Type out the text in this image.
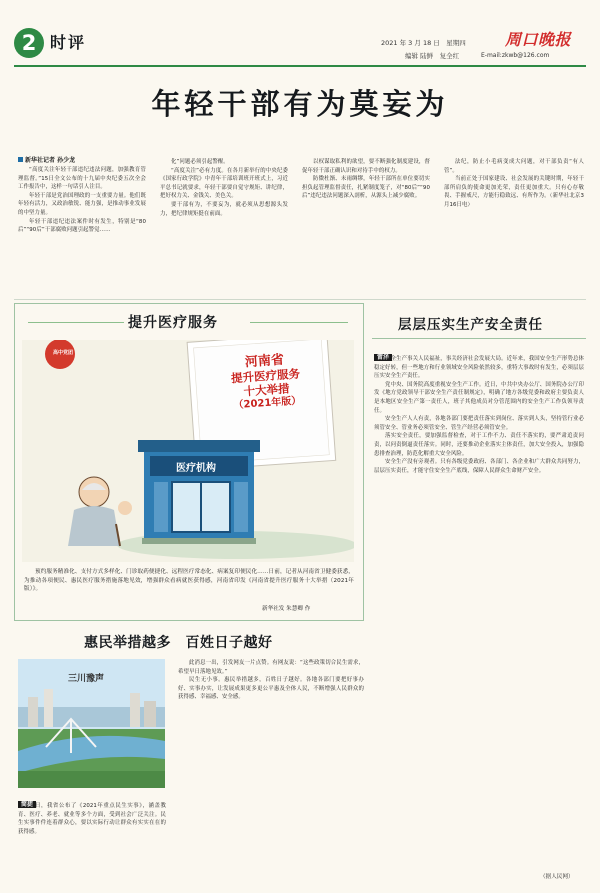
2 时评	2021 年 3 月 18 日　星期四
编辑 陆鲜　复全红
周口晚报
E-mail:zkwb@126.com
年轻干部有为莫妄为
新华社记者 孙少龙

“高度关注年轻干部违纪违法问题，加强教育管理监督。”15日全文公布的十九届中央纪委五次全会工作报告中，这样一句话引人注目。

年轻干部是党治国理政的一支重要力量。他们既年轻有活力，又政治敏锐、能力强，是推动事业发展的中坚力量。

年轻干部违纪违法案件时有发生，特别是“80后”“90后”干部腐败问题引起警觉……

化”问题必须引起警醒。

“高度关注”必有力度。在各月新举行的中央纪委《国家行政学院》中青年干部培训班开班式上，习近平总书记就要求，年轻干部要自觉守规矩、讲纪律，把好权力关、金钱关、美色关。

要干部有为，不要妄为，就必须从思想源头发力，把纪律规矩挺在前面。

以权谋取私利的欲望，要不断强化制度建设，督促年轻干部正确认识和对待手中的权力。

防微杜渐、未雨绸缪，年轻干部所在单位要切实担负起管理监督责任，扎紧制度笼子，对“80后”“90后”违纪违法问题深入剖析，从源头上减少腐败。

法纪，防止小毛病变成大问题，对干部负责“有人管”。

当前正处于国家建设、社会发展的关键时期，年轻干部所肩负的使命更加光荣，责任更加重大。只有心存敬畏、手握戒尺，方能行稳致远、有所作为。（新华社北京3月16日电）

提升医疗服务
高中党团	河南省
提升医疗服务
十大举措
（2021年版）
医疗机构

预约服务精准化、支付方式多样化、门诊取药便捷化、远程医疗常态化、病案复印便民化……日前，记者从河南省卫健委获悉，为推动各项便民、惠民医疗服务措施落地见效，增强群众看病就医获得感，河南省印发《河南省提升医疗服务十大举措（2021年版）》。

新华社发 朱慧卿 作
层层压实生产安全责任
雷泽

安全生产事关人民福祉，事关经济社会发展大局。近年来，我国安全生产形势总体稳定好转，但一些地方和行业领域安全风险依然较多，重特大事故时有发生，必须层层压实安全生产责任。

党中央、国务院高度重视安全生产工作。近日，中共中央办公厅、国务院办公厅印发《地方党政领导干部安全生产责任制规定》，明确了地方各级党委和政府主要负责人是本地区安全生产第一责任人，班子其他成员对分管范围内的安全生产工作负领导责任。

安全生产人人有责，各地各部门要把责任落实到岗位、落实到人头，坚持管行业必须管安全、管业务必须管安全、管生产经营必须管安全。

落实安全责任，要加强监督检查，对于工作不力、责任不落实的，要严肃追责问责，以问责倒逼责任落实。同时，还要推动企业落实主体责任，加大安全投入，加强隐患排查治理，防范化解重大安全风险。

安全生产没有旁观者。只有各级党委政府、各部门、各企业和广大群众共同努力，层层压实责任，才能守住安全生产底线，保障人民群众生命财产安全。

（据人民网）
惠民举措越多　百姓日子越好
三川豫声
简捷

近日，我省公布了《2021年重点民生实事》，涵盖教育、医疗、养老、就业等多个方面，受到社会广泛关注。民生实事件件连着群众心，要以实际行动让群众有实实在在的获得感。

此消息一出，引发网友一片点赞。有网友说：“这些政策切合民生需求，希望早日落地见效。”

民生无小事。惠民举措越多，百姓日子越好。各地各部门要把好事办好、实事办实，让发展成果更多更公平惠及全体人民，不断增强人民群众的获得感、幸福感、安全感。
